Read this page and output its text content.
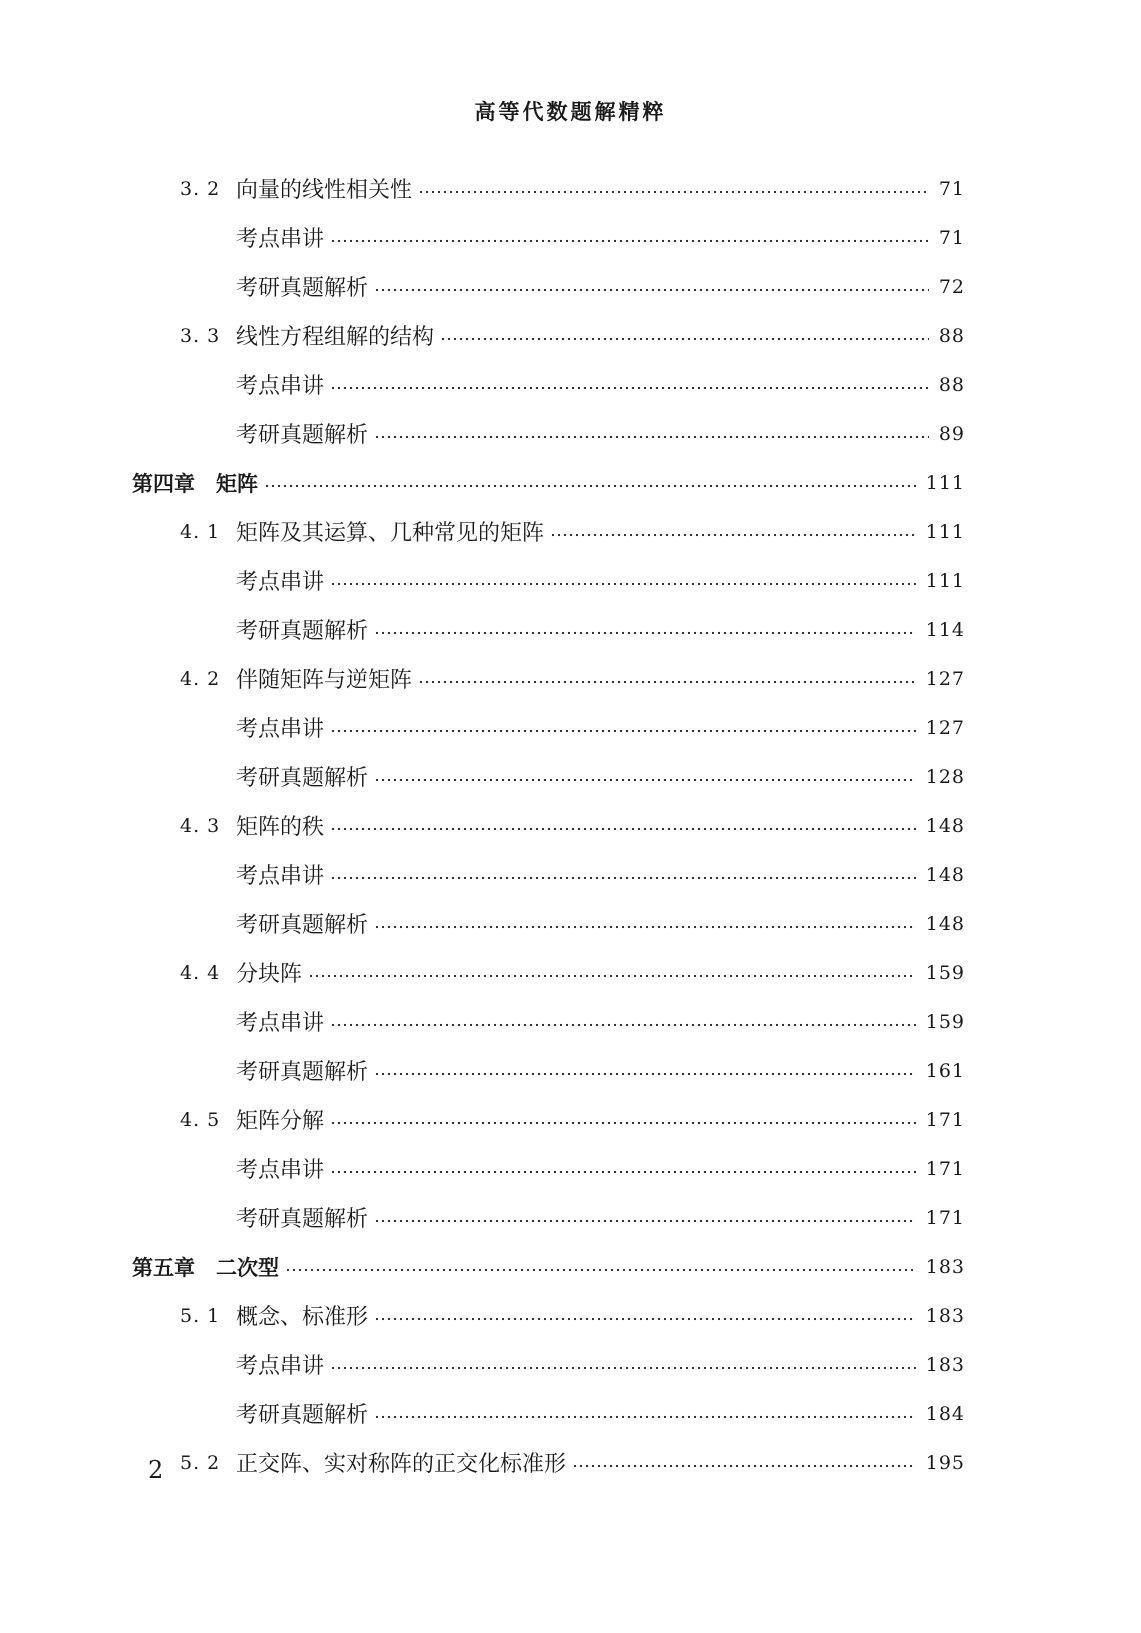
高等代数题解精粹
3. 2 向量的线性相关性	71
考点串讲	71
考研真题解析	72
3. 3 线性方程组解的结构	88
考点串讲	88
考研真题解析	89
第四章　矩阵	111
4. 1 矩阵及其运算、几种常见的矩阵	111
考点串讲	111
考研真题解析	114
4. 2 伴随矩阵与逆矩阵	127
考点串讲	127
考研真题解析	128
4. 3 矩阵的秩	148
考点串讲	148
考研真题解析	148
4. 4 分块阵	159
考点串讲	159
考研真题解析	161
4. 5 矩阵分解	171
考点串讲	171
考研真题解析	171
第五章　二次型	183
5. 1 概念、标准形	183
考点串讲	183
考研真题解析	184
5. 2 正交阵、实对称阵的正交化标准形	195
2
